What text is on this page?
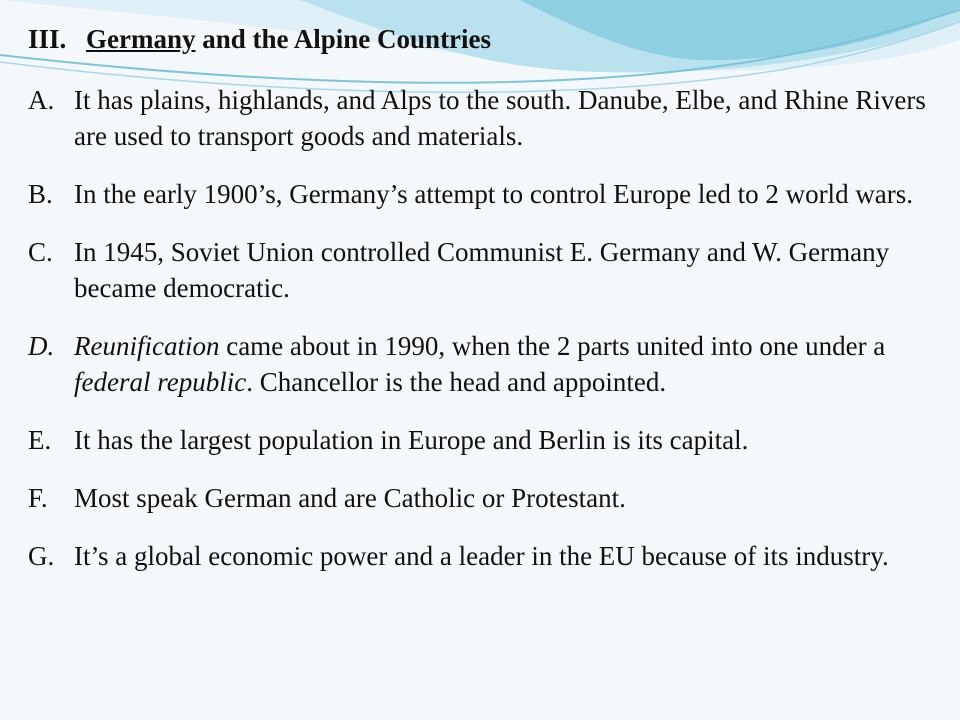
III. Germany and the Alpine Countries
A. It has plains, highlands, and Alps to the south. Danube, Elbe, and Rhine Rivers are used to transport goods and materials.
B. In the early 1900’s, Germany’s attempt to control Europe led to 2 world wars.
C. In 1945, Soviet Union controlled Communist E. Germany and W. Germany became democratic.
D. Reunification came about in 1990, when the 2 parts united into one under a federal republic. Chancellor is the head and appointed.
E. It has the largest population in Europe and Berlin is its capital.
F. Most speak German and are Catholic or Protestant.
G. It’s a global economic power and a leader in the EU because of its industry.
